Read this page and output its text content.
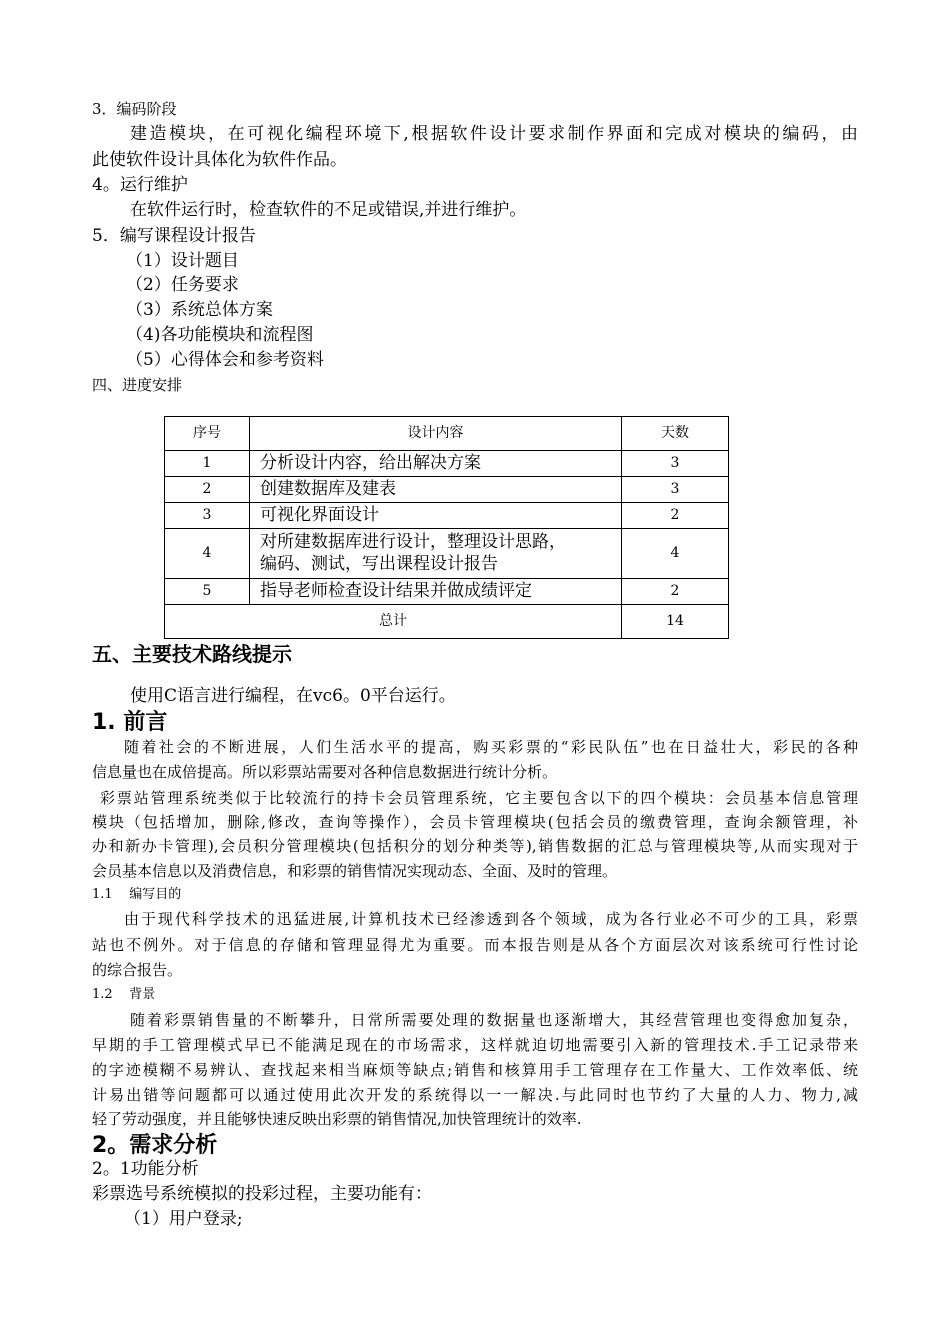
3．编码阶段
建造模块，在可视化编程环境下,根据软件设计要求制作界面和完成对模块的编码，由
此使软件设计具体化为软件作品。
4。运行维护
在软件运行时，检查软件的不足或错误,并进行维护。
5．编写课程设计报告
（1）设计题目
（2）任务要求
（3）系统总体方案
（4)各功能模块和流程图
（5）心得体会和参考资料
四、进度安排
序号	设计内容	天数
1	分析设计内容，给出解决方案	3
2	创建数据库及建表	3
3	可视化界面设计	2
4	对所建数据库进行设计，整理设计思路，
编码、测试，写出课程设计报告	4
5	指导老师检查设计结果并做成绩评定	2
总计		14
五、主要技术路线提示
使用C语言进行编程，在vc6。0平台运行。
1. 前言
随着社会的不断进展，人们生活水平的提高，购买彩票的“彩民队伍”也在日益壮大，彩民的各种
信息量也在成倍提高。所以彩票站需要对各种信息数据进行统计分析。
彩票站管理系统类似于比较流行的持卡会员管理系统，它主要包含以下的四个模块：会员基本信息管理
模块（包括增加，删除,修改，查询等操作），会员卡管理模块(包括会员的缴费管理，查询余额管理，补
办和新办卡管理),会员积分管理模块(包括积分的划分种类等),销售数据的汇总与管理模块等,从而实现对于
会员基本信息以及消费信息，和彩票的销售情况实现动态、全面、及时的管理。
1.1    编写目的
由于现代科学技术的迅猛进展,计算机技术已经渗透到各个领域，成为各行业必不可少的工具，彩票
站也不例外。对于信息的存储和管理显得尤为重要。而本报告则是从各个方面层次对该系统可行性讨论
的综合报告。
1.2    背景
随着彩票销售量的不断攀升，日常所需要处理的数据量也逐渐增大，其经营管理也变得愈加复杂，
早期的手工管理模式早已不能满足现在的市场需求，这样就迫切地需要引入新的管理技术.手工记录带来
的字迹模糊不易辨认、查找起来相当麻烦等缺点;销售和核算用手工管理存在工作量大、工作效率低、统
计易出错等问题都可以通过使用此次开发的系统得以一一解决.与此同时也节约了大量的人力、物力,减
轻了劳动强度，并且能够快速反映出彩票的销售情况,加快管理统计的效率.
2。需求分析
2。1功能分析
彩票选号系统模拟的投彩过程，主要功能有：
（1）用户登录;
